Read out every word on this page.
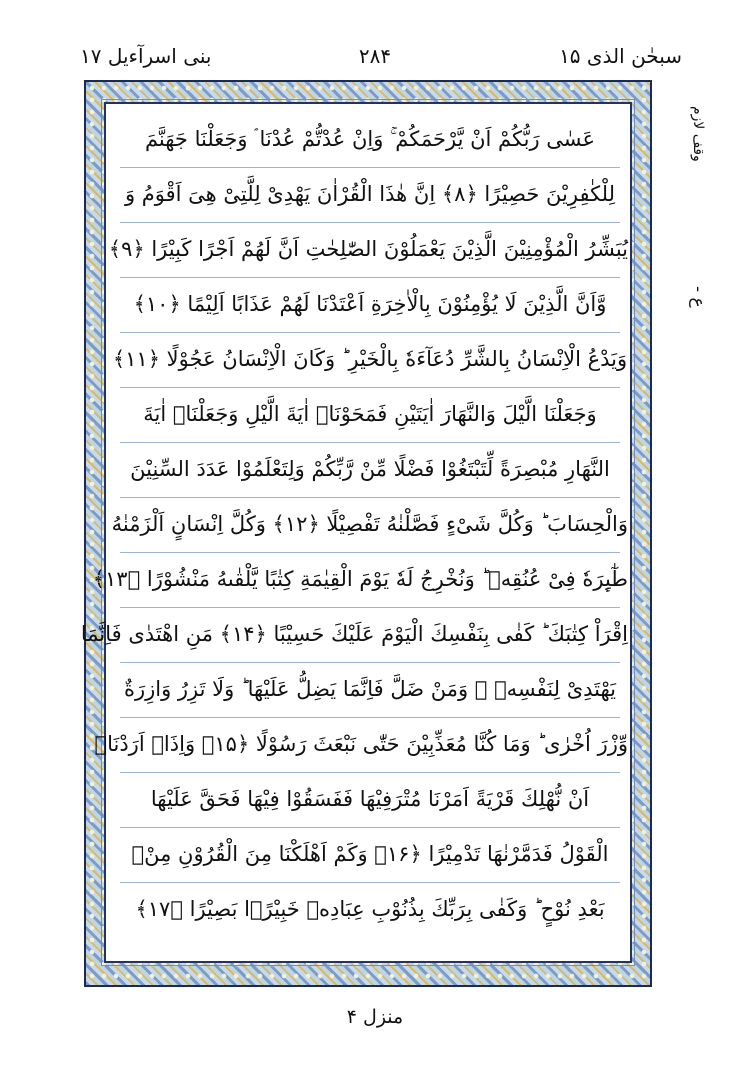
سبحٰن الذی ۱۵
۲۸۴
بنی اسرآءیل ۱۷
عَسٰی رَبُّكُمْ اَنْ یَّرْحَمَكُمْ ۚ وَاِنْ عُدْتُّمْ عُدْنَا ۘ وَجَعَلْنَا جَهَنَّمَ
لِلْكٰفِرِیْنَ حَصِیْرًا ﴿۸﴾ اِنَّ هٰذَا الْقُرْاٰنَ یَهْدِیْ لِلَّتِیْ هِیَ اَقْوَمُ وَ
یُبَشِّرُ الْمُؤْمِنِیْنَ الَّذِیْنَ یَعْمَلُوْنَ الصّٰلِحٰتِ اَنَّ لَهُمْ اَجْرًا كَبِیْرًا ﴿۹﴾
وَّاَنَّ الَّذِیْنَ لَا یُؤْمِنُوْنَ بِالْاٰخِرَةِ اَعْتَدْنَا لَهُمْ عَذَابًا اَلِیْمًا ﴿۱۰﴾
وَیَدْعُ الْاِنْسَانُ بِالشَّرِّ دُعَآءَهٗ بِالْخَیْرِ ؕ وَكَانَ الْاِنْسَانُ عَجُوْلًا ﴿۱۱﴾
وَجَعَلْنَا الَّیْلَ وَالنَّهَارَ اٰیَتَیْنِ فَمَحَوْنَاۤ اٰیَةَ الَّیْلِ وَجَعَلْنَاۤ اٰیَةَ
النَّهَارِ مُبْصِرَةً لِّتَبْتَغُوْا فَضْلًا مِّنْ رَّبِّكُمْ وَلِتَعْلَمُوْا عَدَدَ السِّنِیْنَ
وَالْحِسَابَ ؕ وَكُلَّ شَیْءٍ فَصَّلْنٰهُ تَفْصِیْلًا ﴿۱۲﴾ وَكُلَّ اِنْسَانٍ اَلْزَمْنٰهُ
طٰٓىِٕرَهٗ فِیْ عُنُقِهٖ ؕ وَنُخْرِجُ لَهٗ یَوْمَ الْقِیٰمَةِ كِتٰبًا یَّلْقٰىهُ مَنْشُوْرًا ﴿۱۳﴾
اِقْرَاْ كِتٰبَكَ ؕ كَفٰی بِنَفْسِكَ الْیَوْمَ عَلَیْكَ حَسِیْبًا ﴿۱۴﴾ مَنِ اهْتَدٰی فَاِنَّمَا
یَهْتَدِیْ لِنَفْسِهٖ ۚ وَمَنْ ضَلَّ فَاِنَّمَا یَضِلُّ عَلَیْهَا ؕ وَلَا تَزِرُ وَازِرَةٌ
وِّزْرَ اُخْرٰی ؕ وَمَا كُنَّا مُعَذِّبِیْنَ حَتّٰی نَبْعَثَ رَسُوْلًا ﴿۱۵﴾ وَاِذَاۤ اَرَدْنَاۤ
اَنْ نُّهْلِكَ قَرْیَةً اَمَرْنَا مُتْرَفِیْهَا فَفَسَقُوْا فِیْهَا فَحَقَّ عَلَیْهَا
الْقَوْلُ فَدَمَّرْنٰهَا تَدْمِیْرًا ﴿۱۶﴾ وَكَمْ اَهْلَكْنَا مِنَ الْقُرُوْنِ مِنْۢ
بَعْدِ نُوْحٍ ؕ وَكَفٰی بِرَبِّكَ بِذُنُوْبِ عِبَادِهٖ خَبِیْرًۢا بَصِیْرًا ﴿۱۷﴾
وقف لازم
ع -
منزل ۴
